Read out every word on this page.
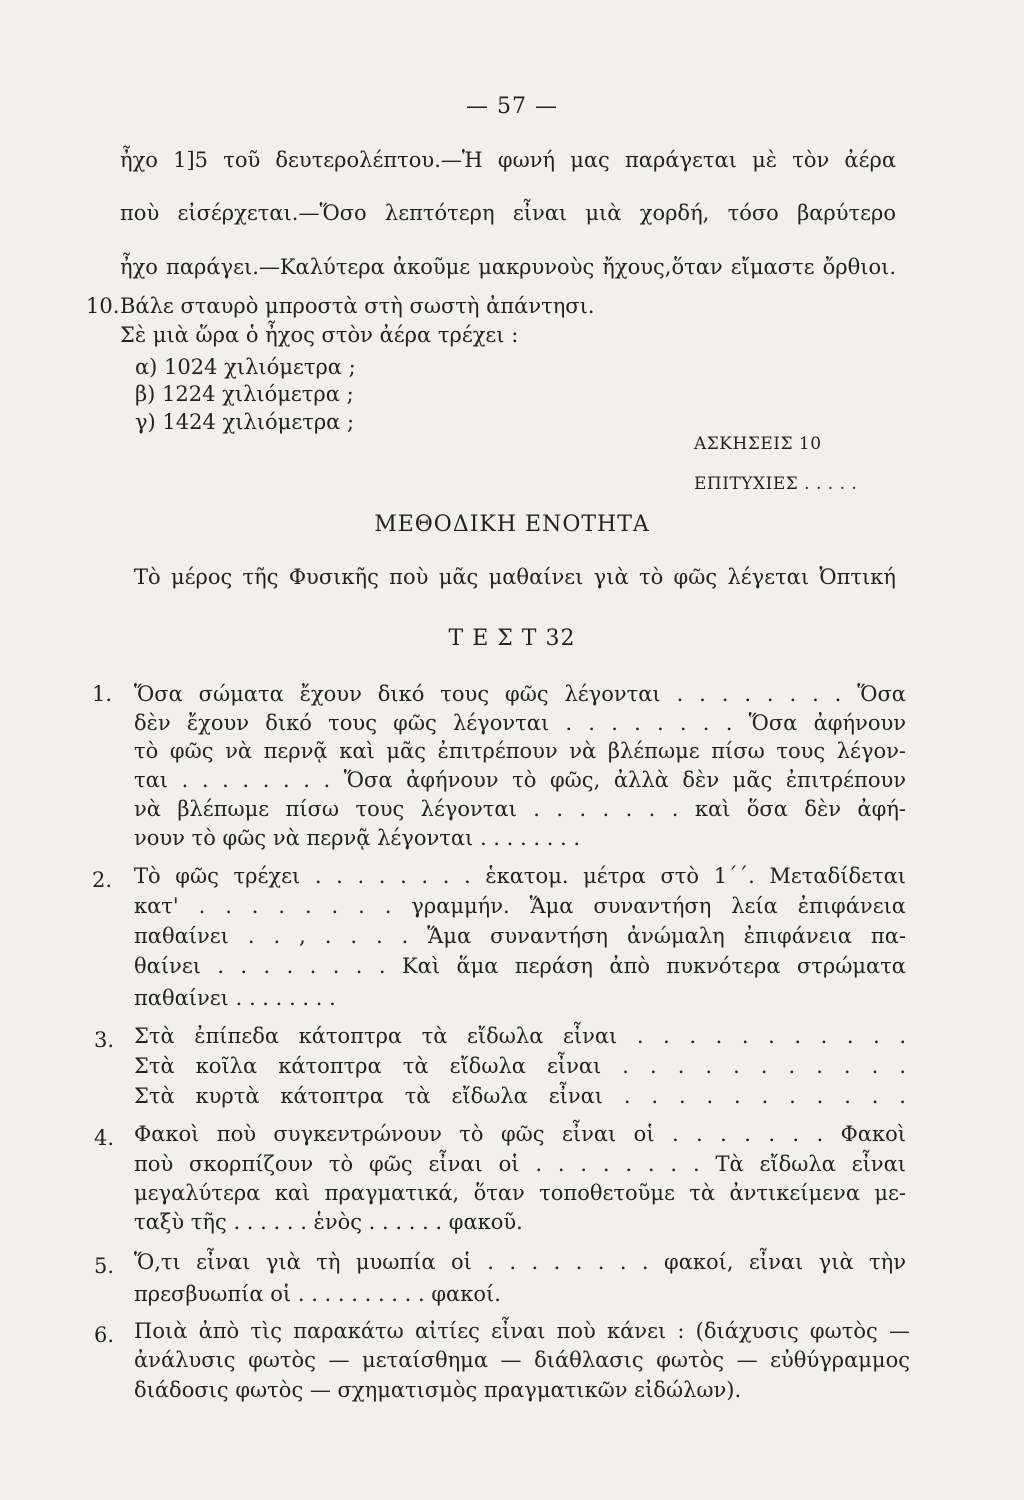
— 57 —
ἦχο 1]5 τοῦ δευτερολέπτου.—Ἡ φωνή μας παράγεται μὲ τὸν ἀέρα
ποὺ εἰσέρχεται.—Ὅσο λεπτότερη εἶναι μιὰ χορδή, τόσο βαρύτερο
ἦχο παράγει.—Καλύτερα ἀκοῦμε μακρυνοὺς ἤχους,ὅταν εἴμαστε ὄρθιοι.
10. Βάλε σταυρὸ μπροστὰ στὴ σωστὴ ἀπάντησι.
Σὲ μιὰ ὥρα ὁ ἦχος στὸν ἀέρα τρέχει :
α) 1024 χιλιόμετρα ;
β) 1224 χιλιόμετρα ;
γ) 1424 χιλιόμετρα ;
ΑΣΚΗΣΕΙΣ 10
ΕΠΙΤΥΧΙΕΣ . . . . .
ΜΕΘΟΔΙΚΗ ΕΝΟΤΗΤΑ
Τὸ μέρος τῆς Φυσικῆς ποὺ μᾶς μαθαίνει γιὰ τὸ φῶς λέγεται Ὀπτική
Τ Ε Σ Τ 32
1. Ὅσα σώματα ἔχουν δικό τους φῶς λέγονται . . . . . . . . Ὅσα
δὲν ἔχουν δικό τους φῶς λέγονται . . . . . . . . Ὅσα ἀφήνουν
τὸ φῶς νὰ περνᾷ καὶ μᾶς ἐπιτρέπουν νὰ βλέπωμε πίσω τους λέγον-
ται . . . . . . . . Ὅσα ἀφήνουν τὸ φῶς, ἀλλὰ δὲν μᾶς ἐπιτρέπουν
νὰ βλέπωμε πίσω τους λέγονται . . . . . . . καὶ ὅσα δὲν ἀφή-
νουν τὸ φῶς νὰ περνᾷ λέγονται . . . . . . . .
2. Τὸ φῶς τρέχει . . . . . . . . ἑκατομ. μέτρα στὸ 1΄΄. Μεταδίδεται
κατ' . . . . . . . . γραμμήν. Ἅμα συναντήση λεία ἐπιφάνεια
παθαίνει . . , . . . . Ἅμα συναντήση ἀνώμαλη ἐπιφάνεια πα-
θαίνει . . . . . . . . Καὶ ἅμα περάση ἀπὸ πυκνότερα στρώματα
παθαίνει . . . . . . . .
3. Στὰ ἐπίπεδα κάτοπτρα τὰ εἴδωλα εἶναι . . . . . . . . . . .
Στὰ κοῖλα κάτοπτρα τὰ εἴδωλα εἶναι . . . . . . . . . . .
Στὰ κυρτὰ κάτοπτρα τὰ εἴδωλα εἶναι . . . . . . . . . . .
4. Φακοὶ ποὺ συγκεντρώνουν τὸ φῶς εἶναι οἱ . . . . . . . Φακοὶ
ποὺ σκορπίζουν τὸ φῶς εἶναι οἱ . . . . . . . . Τὰ εἴδωλα εἶναι
μεγαλύτερα καὶ πραγματικά, ὅταν τοποθετοῦμε τὰ ἀντικείμενα με-
ταξὺ τῆς . . . . . . ἑνὸς . . . . . . φακοῦ.
5. Ὅ,τι εἶναι γιὰ τὴ μυωπία οἱ . . . . . . . . φακοί, εἶναι γιὰ τὴν
πρεσβυωπία οἱ . . . . . . . . . . φακοί.
6. Ποιὰ ἀπὸ τὶς παρακάτω αἰτίες εἶναι ποὺ κάνει : (διάχυσις φωτὸς —
ἀνάλυσις φωτὸς — μεταίσθημα — διάθλασις φωτὸς — εὐθύγραμμος
διάδοσις φωτὸς — σχηματισμὸς πραγματικῶν εἰδώλων).
